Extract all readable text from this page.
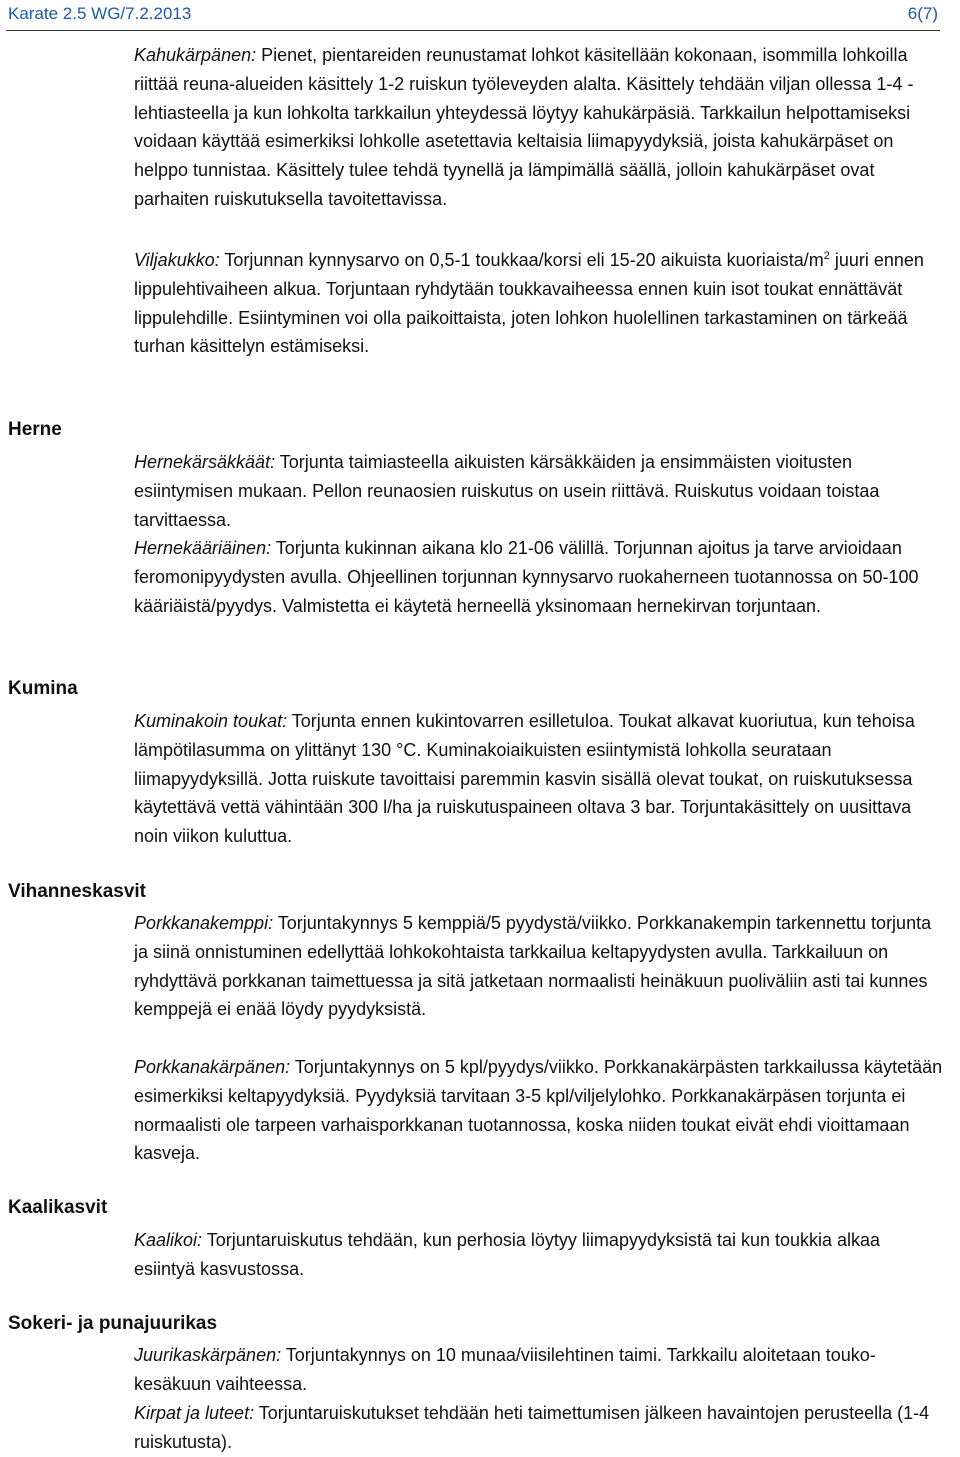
Karate 2.5 WG/7.2.2013	6(7)

Kahukärpänen: Pienet, pientareiden reunustamat lohkot käsitellään kokonaan, isommilla lohkoilla riittää reuna-alueiden käsittely 1-2 ruiskun työleveyden alalta. Käsittely tehdään viljan ollessa 1-4 -lehtiasteella ja kun lohkolta tarkkailun yhteydessä löytyy kahukärpäsiä. Tarkkailun helpottamiseksi voidaan käyttää esimerkiksi lohkolle asetettavia keltaisia liimapyydyksiä, joista kahukärpäset on helppo tunnistaa. Käsittely tulee tehdä tyynellä ja lämpimällä säällä, jolloin kahukärpäset ovat parhaiten ruiskutuksella tavoitettavissa.

Viljakukko: Torjunnan kynnysarvo on 0,5-1 toukkaa/korsi eli 15-20 aikuista kuoriaista/$m^2$ juuri ennen lippulehtivaiheen alkua. Torjuntaan ryhdytään toukkavaiheessa ennen kuin isot toukat ennättävät lippulehdille. Esiintyminen voi olla paikoittaista, joten lohkon huolellinen tarkastaminen on tärkeää turhan käsittelyn estämiseksi.

Herne

Hernekärsäkkäät: Torjunta taimiasteella aikuisten kärsäkkäiden ja ensimmäisten vioitusten esiintymisen mukaan. Pellon reunaosien ruiskutus on usein riittävä. Ruiskutus voidaan toistaa tarvittaessa.

Hernekääriäinen: Torjunta kukinnan aikana klo 21-06 välillä. Torjunnan ajoitus ja tarve arvioidaan feromonipyydysten avulla. Ohjeellinen torjunnan kynnysarvo ruokaherneen tuotannossa on 50-100 kääriäistä/pyydys. Valmistetta ei käytetä herneellä yksinomaan hernekirvan torjuntaan.

Kumina

Kuminakoin toukat: Torjunta ennen kukintovarren esilletuloa. Toukat alkavat kuoriutua, kun tehoisa lämpötilasumma on ylittänyt 130 °C. Kuminakoiaikuisten esiintymistä lohkolla seurataan liimapyydyksillä. Jotta ruiskute tavoittaisi paremmin kasvin sisällä olevat toukat, on ruiskutuksessa käytettävä vettä vähintään 300 l/ha ja ruiskutuspaineen oltava 3 bar. Torjuntakäsittely on uusittava noin viikon kuluttua.

Vihanneskasvit

Porkkanakemppi: Torjuntakynnys 5 kemppiä/5 pyydystä/viikko. Porkkanakempin tarkennettu torjunta ja siinä onnistuminen edellyttää lohkokohtaista tarkkailua keltapyydysten avulla. Tarkkailuun on ryhdyttävä porkkanan taimettuessa ja sitä jatketaan normaalisti heinäkuun puoliväliin asti tai kunnes kemppejä ei enää löydy pyydyksistä.

Porkkanakärpänen: Torjuntakynnys on 5 kpl/pyydys/viikko. Porkkanakärpästen tarkkailussa käytetään esimerkiksi keltapyydyksiä. Pyydyksiä tarvitaan 3-5 kpl/viljelylohko. Porkkanakärpäsen torjunta ei normaalisti ole tarpeen varhaisporkkanan tuotannossa, koska niiden toukat eivät ehdi vioittamaan kasveja.

Kaalikasvit

Kaalikoi: Torjuntaruiskutus tehdään, kun perhosia löytyy liimapyydyksistä tai kun toukkia alkaa esiintyä kasvustossa.

Sokeri- ja punajuurikas

Juurikaskärpänen: Torjuntakynnys on 10 munaa/viisilehtinen taimi. Tarkkailu aloitetaan touko-kesäkuun vaihteessa.

Kirpat ja luteet: Torjuntaruiskutukset tehdään heti taimettumisen jälkeen havaintojen perusteella (1-4 ruiskutusta).
